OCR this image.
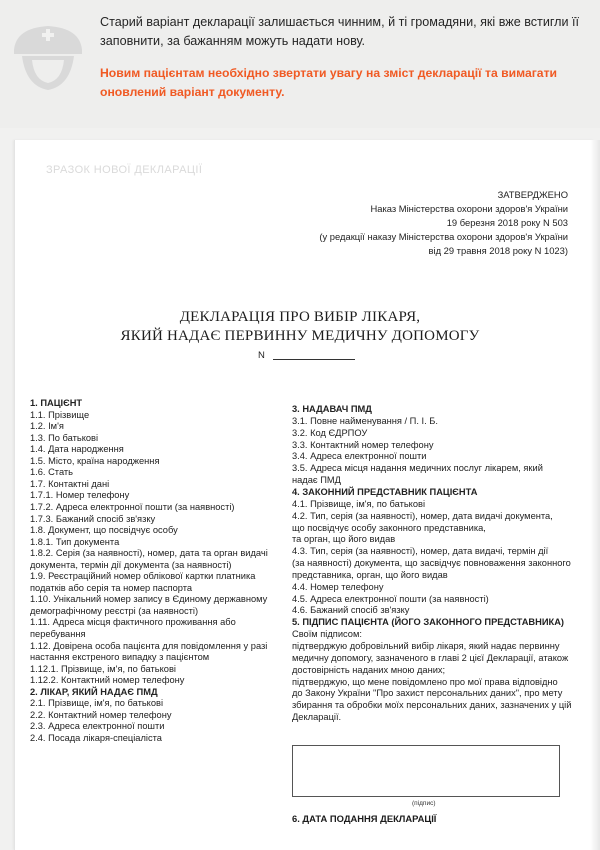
Старий варіант декларації залишається чинним, й ті громадяни, які вже встигли її заповнити, за бажанням можуть надати нову.
Новим пацієнтам необхідно звертати увагу на зміст декларації та вимагати оновлений варіант документу.
ЗРАЗОК НОВОЇ ДЕКЛАРАЦІЇ
ЗАТВЕРДЖЕНО
Наказ Міністерства охорони здоров'я України
19 березня 2018 року N 503
(у редакції наказу Міністерства охорони здоров'я України
від 29 травня 2018 року N 1023)
ДЕКЛАРАЦІЯ ПРО ВИБІР ЛІКАРЯ,
ЯКИЙ НАДАЄ ПЕРВИННУ МЕДИЧНУ ДОПОМОГУ
N
1. ПАЦІЄНТ
1.1. Прізвище
1.2. Ім'я
1.3. По батькові
1.4. Дата народження
1.5. Місто, країна народження
1.6. Стать
1.7. Контактні дані
1.7.1. Номер телефону
1.7.2. Адреса електронної пошти (за наявності)
1.7.3. Бажаний спосіб зв'язку
1.8. Документ, що посвідчує особу
1.8.1. Тип документа
1.8.2. Серія (за наявності), номер, дата та орган видачі
документа, термін дії документа (за наявності)
1.9. Реєстраційний номер облікової картки платника
податків або серія та номер паспорта
1.10. Унікальний номер запису в Єдиному державному
демографічному реєстрі (за наявності)
1.11. Адреса місця фактичного проживання або
перебування
1.12. Довірена особа пацієнта для повідомлення у разі
настання екстреного випадку з пацієнтом
1.12.1. Прізвище, ім'я, по батькові
1.12.2. Контактний номер телефону
2. ЛІКАР, ЯКИЙ НАДАЄ ПМД
2.1. Прізвище, ім'я, по батькові
2.2. Контактний номер телефону
2.3. Адреса електронної пошти
2.4. Посада лікаря-спеціаліста
3. НАДАВАЧ ПМД
3.1. Повне найменування / П. І. Б.
3.2. Код ЄДРПОУ
3.3. Контактний номер телефону
3.4. Адреса електронної пошти
3.5. Адреса місця надання медичних послуг лікарем, який
надає ПМД
4. ЗАКОННИЙ ПРЕДСТАВНИК ПАЦІЄНТА
4.1. Прізвище, ім'я, по батькові
4.2. Тип, серія (за наявності), номер, дата видачі документа,
що посвідчує особу законного представника,
та орган, що його видав
4.3. Тип, серія (за наявності), номер, дата видачі, термін дії
(за наявності) документа, що засвідчує повноваження законного
представника, орган, що його видав
4.4. Номер телефону
4.5. Адреса електронної пошти (за наявності)
4.6. Бажаний спосіб зв'язку
5. ПІДПИС ПАЦІЄНТА (ЙОГО ЗАКОННОГО ПРЕДСТАВНИКА)
Своїм підписом:
підтверджую добровільний вибір лікаря, який надає первинну
медичну допомогу, зазначеного в главі 2 цієї Декларації, атакож
достовірність наданих мною даних;
підтверджую, що мене повідомлено про мої права відповідно
до Закону України "Про захист персональних даних", про мету
збирання та обробки моїх персональних даних, зазначених у цій
Декларації.
(підпис)
6. ДАТА ПОДАННЯ ДЕКЛАРАЦІЇ
